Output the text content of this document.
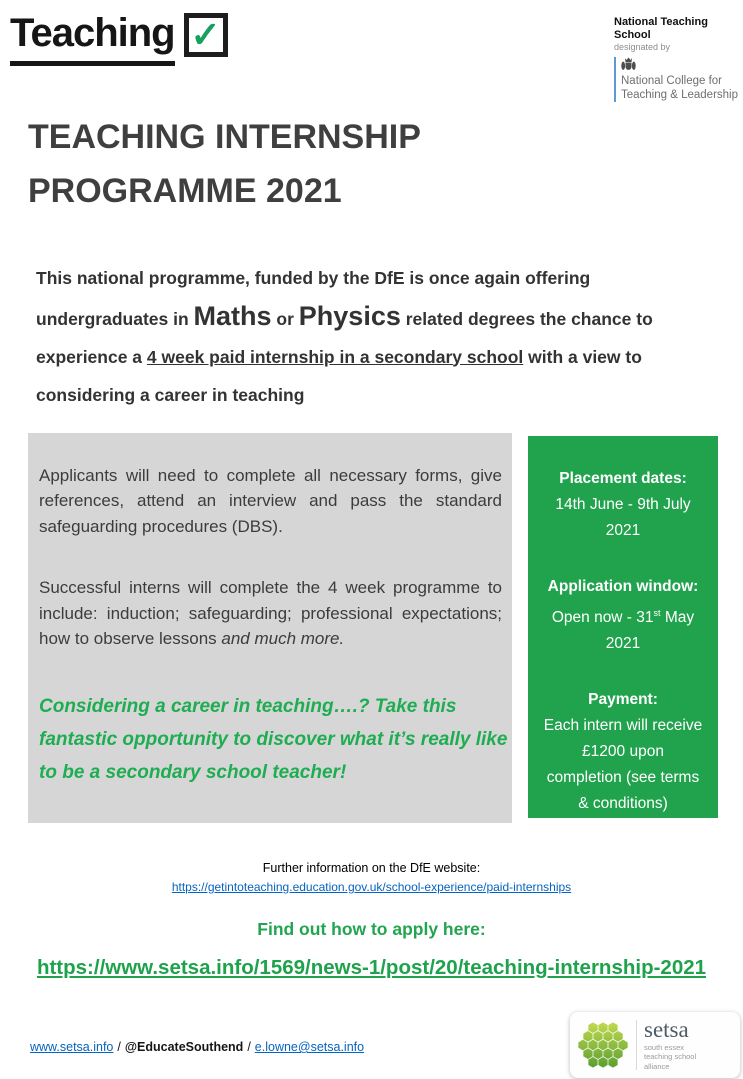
Teaching ✓	National Teaching School
designated by
National College for
Teaching & Leadership
TEACHING INTERNSHIP
PROGRAMME 2021
This national programme, funded by the DfE is once again offering
undergraduates in Maths or Physics related degrees the chance to
experience a 4 week paid internship in a secondary school with a view to
considering a career in teaching

Applicants will need to complete all necessary forms, give references, attend an interview and pass the standard safeguarding procedures (DBS).

Successful interns will complete the 4 week programme to include: induction; safeguarding; professional expectations; how to observe lessons and much more.

Considering a career in teaching….? Take this
fantastic opportunity to discover what it’s really like
to be a secondary school teacher!
Placement dates:
14th June - 9th July
2021
Application window:
Open now - 31st May
2021
Payment:
Each intern will receive
£1200 upon
completion (see terms
& conditions)
Further information on the DfE website:
https://getintoteaching.education.gov.uk/school-experience/paid-internships
Find out how to apply here:
https://www.setsa.info/1569/news-1/post/20/teaching-internship-2021
www.setsa.info / @EducateSouthend / e.lowne@setsa.info
setsa
south essex
teaching school
alliance
